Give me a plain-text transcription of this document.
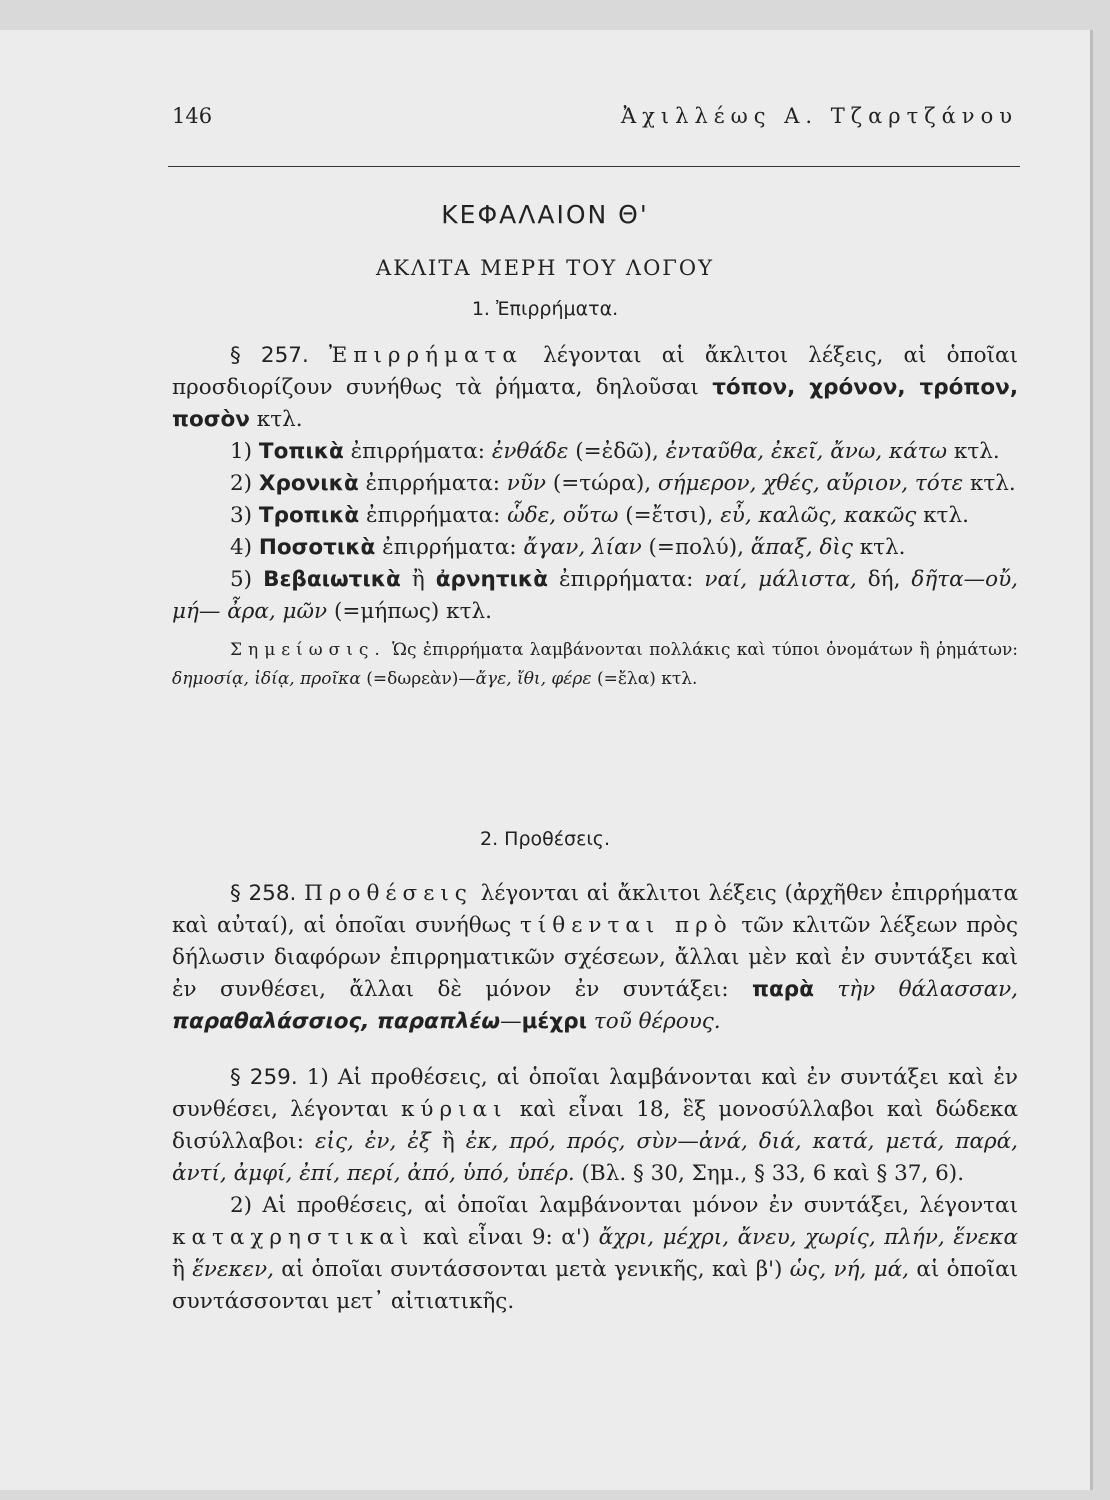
146	Ἀχιλλέως Α. Τζαρτζάνου
ΚΕΦΑΛΑΙΟΝ Θ'
ΑΚΛΙΤΑ ΜΕΡΗ ΤΟΥ ΛΟΓΟΥ
1. Ἐπιρρήματα.

§ 257. Ἐπιρρήματα λέγονται αἱ ἄκλιτοι λέξεις, αἱ ὁποῖαι προσδιορίζουν συνήθως τὰ ῥήματα, δηλοῦσαι τόπον, χρόνον, τρόπον, ποσὸν κτλ.

1) Τοπικὰ ἐπιρρήματα: ἐνθάδε (=ἐδῶ), ἐνταῦθα, ἐκεῖ, ἄνω, κάτω κτλ.

2) Χρονικὰ ἐπιρρήματα: νῦν (=τώρα), σήμερον, χθές, αὔριον, τότε κτλ.

3) Τροπικὰ ἐπιρρήματα: ὧδε, οὕτω (=ἔτσι), εὖ, καλῶς, κακῶς κτλ.

4) Ποσοτικὰ ἐπιρρήματα: ἄγαν, λίαν (=πολύ), ἅπαξ, δὶς κτλ.

5) Βεβαιωτικὰ ἢ ἀρνητικὰ ἐπιρρήματα: ναί, μάλιστα, δή, δῆτα—οὔ, μή— ἆρα, μῶν (=μήπως) κτλ.

Σημείωσις. Ὡς ἐπιρρήματα λαμβάνονται πολλάκις καὶ τύποι ὀνομάτων ἢ ῥημάτων: δημοσίᾳ, ἰδίᾳ, προῖκα (=δωρεὰν)—ἄγε, ἴθι, φέρε (=ἔλα) κτλ.

2. Προθέσεις.

§ 258. Προθέσεις λέγονται αἱ ἄκλιτοι λέξεις (ἀρχῆθεν ἐπιρρήματα καὶ αὐταί), αἱ ὁποῖαι συνήθως τίθενται πρὸ τῶν κλιτῶν λέξεων πρὸς δήλωσιν διαφόρων ἐπιρρηματικῶν σχέσεων, ἄλλαι μὲν καὶ ἐν συντάξει καὶ ἐν συνθέσει, ἄλλαι δὲ μόνον ἐν συντάξει: παρὰ τὴν θάλασσαν, παραθαλάσσιος, παραπλέω—μέχρι τοῦ θέρους.

§ 259. 1) Αἱ προθέσεις, αἱ ὁποῖαι λαμβάνονται καὶ ἐν συντάξει καὶ ἐν συνθέσει, λέγονται κύριαι καὶ εἶναι 18, ἓξ μονοσύλλαβοι καὶ δώδεκα δισύλλαβοι: εἰς, ἐν, ἐξ ἢ ἐκ, πρό, πρός, σὺν—ἀνά, διά, κατά, μετά, παρά, ἀντί, ἀμφί, ἐπί, περί, ἀπό, ὑπό, ὑπέρ. (Βλ. § 30, Σημ., § 33, 6 καὶ § 37, 6).

2) Αἱ προθέσεις, αἱ ὁποῖαι λαμβάνονται μόνον ἐν συντάξει, λέγονται καταχρηστικαὶ καὶ εἶναι 9: α') ἄχρι, μέχρι, ἄνευ, χωρίς, πλήν, ἕνεκα ἢ ἕνεκεν, αἱ ὁποῖαι συντάσσονται μετὰ γενικῆς, καὶ β') ὡς, νή, μά, αἱ ὁποῖαι συντάσσονται μετ᾽ αἰτιατικῆς.
